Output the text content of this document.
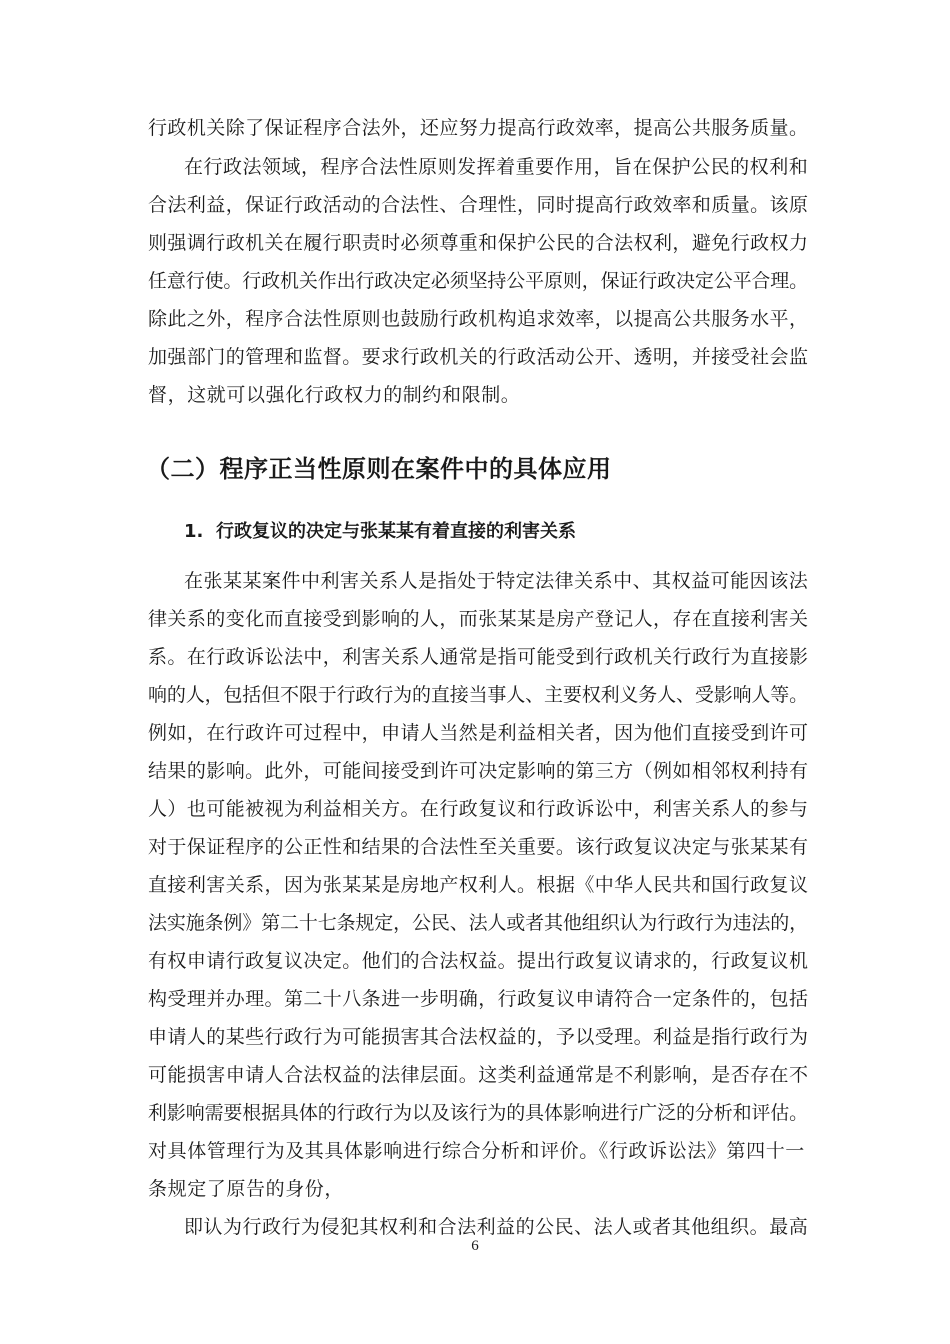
行政机关除了保证程序合法外，还应努力提高行政效率，提高公共服务质量。
在行政法领域，程序合法性原则发挥着重要作用，旨在保护公民的权利和
合法利益，保证行政活动的合法性、合理性，同时提高行政效率和质量。该原
则强调行政机关在履行职责时必须尊重和保护公民的合法权利，避免行政权力
任意行使。行政机关作出行政决定必须坚持公平原则，保证行政决定公平合理。
除此之外，程序合法性原则也鼓励行政机构追求效率，以提高公共服务水平，
加强部门的管理和监督。要求行政机关的行政活动公开、透明，并接受社会监
督，这就可以强化行政权力的制约和限制。
（二）程序正当性原则在案件中的具体应用
1. 行政复议的决定与张某某有着直接的利害关系
在张某某案件中利害关系人是指处于特定法律关系中、其权益可能因该法
律关系的变化而直接受到影响的人，而张某某是房产登记人，存在直接利害关
系。在行政诉讼法中，利害关系人通常是指可能受到行政机关行政行为直接影
响的人，包括但不限于行政行为的直接当事人、主要权利义务人、受影响人等。
例如，在行政许可过程中，申请人当然是利益相关者，因为他们直接受到许可
结果的影响。此外，可能间接受到许可决定影响的第三方（例如相邻权利持有
人）也可能被视为利益相关方。在行政复议和行政诉讼中，利害关系人的参与
对于保证程序的公正性和结果的合法性至关重要。该行政复议决定与张某某有
直接利害关系，因为张某某是房地产权利人。根据《中华人民共和国行政复议
法实施条例》第二十七条规定，公民、法人或者其他组织认为行政行为违法的，
有权申请行政复议决定。他们的合法权益。提出行政复议请求的，行政复议机
构受理并办理。第二十八条进一步明确，行政复议申请符合一定条件的，包括
申请人的某些行政行为可能损害其合法权益的，予以受理。利益是指行政行为
可能损害申请人合法权益的法律层面。这类利益通常是不利影响，是否存在不
利影响需要根据具体的行政行为以及该行为的具体影响进行广泛的分析和评估。
对具体管理行为及其具体影响进行综合分析和评价。《行政诉讼法》第四十一
条规定了原告的身份，
即认为行政行为侵犯其权利和合法利益的公民、法人或者其他组织。最高
6
